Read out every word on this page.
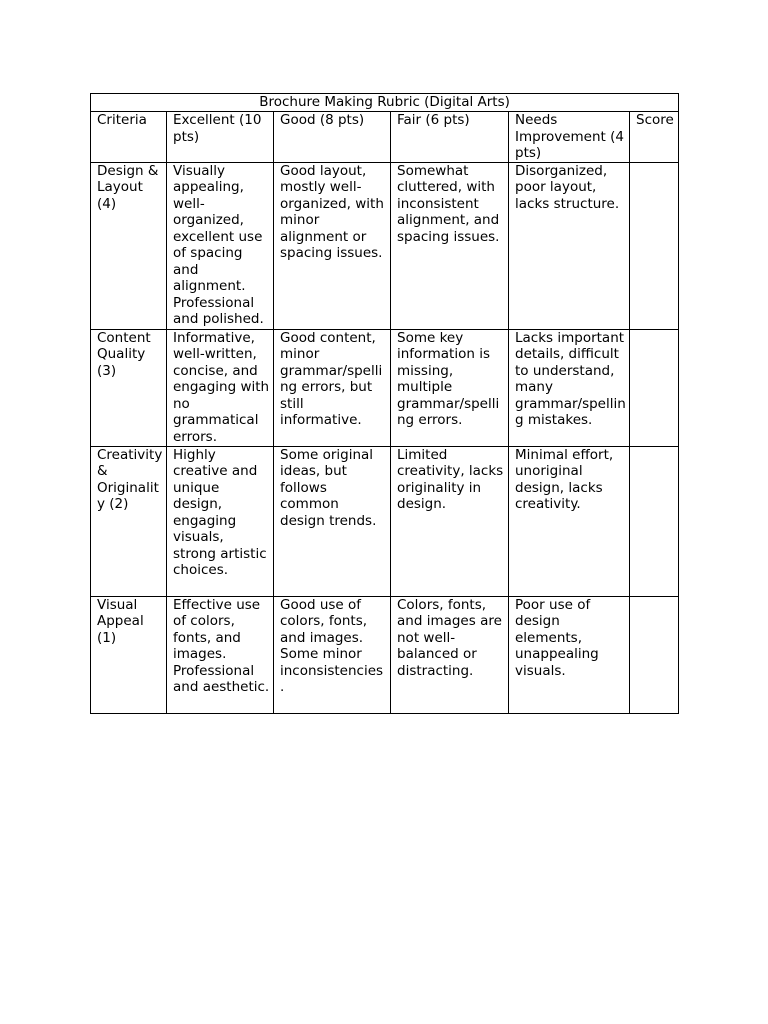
Brochure Making Rubric (Digital Arts)					
Criteria	Excellent (10 pts)	Good (8 pts)	Fair (6 pts)	Needs Improvement (4 pts)	Score
Design & Layout (4)	Visually appealing, well-organized, excellent use of spacing and alignment. Professional and polished.	Good layout, mostly well-organized, with minor alignment or spacing issues.	Somewhat cluttered, with inconsistent alignment, and spacing issues.	Disorganized, poor layout, lacks structure.	
Content Quality (3)	Informative, well-written, concise, and engaging with no grammatical errors.	Good content, minor grammar/spelling errors, but still informative.	Some key information is missing, multiple grammar/spelling errors.	Lacks important details, difficult to understand, many grammar/spelling mistakes.	
Creativity & Originality (2)	Highly creative and unique design, engaging visuals, strong artistic choices.	Some original ideas, but follows common design trends.	Limited creativity, lacks originality in design.	Minimal effort, unoriginal design, lacks creativity.	
Visual Appeal (1)	Effective use of colors, fonts, and images. Professional and aesthetic.	Good use of colors, fonts, and images. Some minor inconsistencies.	Colors, fonts, and images are not well-balanced or distracting.	Poor use of design elements, unappealing visuals.	
